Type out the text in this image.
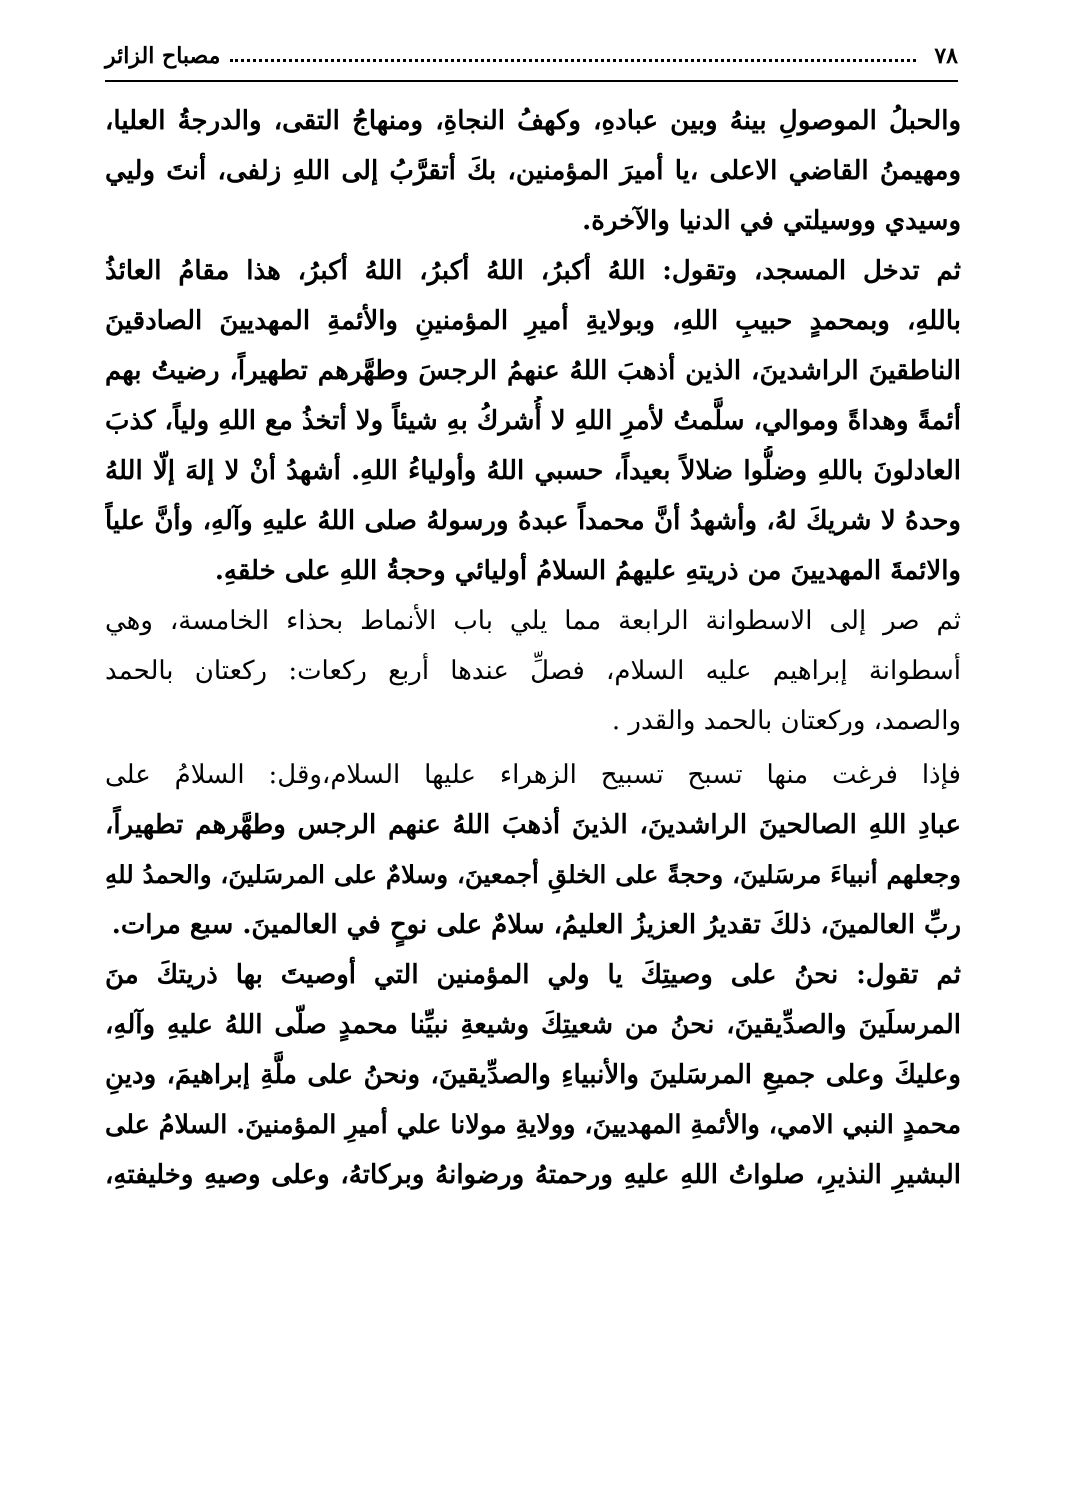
٧٨
مصباح الزائر
والحبلُ الموصولِ بينهُ وبين عبادهِ، وكهفُ النجاةِ، ومنهاجُ التقى، والدرجةُ العليا،
ومهيمنُ القاضي الاعلى ،يا أميرَ المؤمنين، بكَ أتقرَّبُ إلى اللهِ زلفى، أنتَ وليي
وسيدي ووسيلتي في الدنيا والآخرة.
ثم تدخل المسجد، وتقول: اللهُ أكبرُ، اللهُ أكبرُ، اللهُ أكبرُ، هذا مقامُ العائذُ
باللهِ، وبمحمدٍ حبيبِ اللهِ، وبولايةِ أميرِ المؤمنينِ والأئمةِ المهديينَ الصادقينَ
الناطقينَ الراشدينَ، الذين أذهبَ اللهُ عنهمُ الرجسَ وطهَّرهم تطهيراً، رضيتُ بهم
أئمةً وهداةً وموالي، سلَّمتُ لأمرِ اللهِ لا أُشركُ بهِ شيئاً ولا أتخذُ مع اللهِ ولياً، كذبَ
العادلونَ باللهِ وضلُّوا ضلالاً بعيداً، حسبي اللهُ وأولياءُ اللهِ. أشهدُ أنْ لا إلهَ إلّا اللهُ
وحدهُ لا شريكَ لهُ، وأشهدُ أنَّ محمداً عبدهُ ورسولهُ صلى اللهُ عليهِ وآلهِ، وأنَّ علياً
والائمةَ المهديينَ من ذريتهِ عليهمُ السلامُ أوليائي وحجةُ اللهِ على خلقهِ.
ثم صر إلى الاسطوانة الرابعة مما يلي باب الأنماط بحذاء الخامسة، وهي
أسطوانة إبراهيم عليه السلام، فصلِّ عندها أربع ركعات: ركعتان بالحمد
والصمد، وركعتان بالحمد والقدر .
فإذا فرغت منها تسبح تسبيح الزهراء عليها السلام،وقل: السلامُ على
عبادِ اللهِ الصالحينَ الراشدينَ، الذينَ أذهبَ اللهُ عنهم الرجس وطهَّرهم تطهيراً،
وجعلهم أنبياءَ مرسَلينَ، وحجةً على الخلقِ أجمعينَ، وسلامٌ على المرسَلينَ، والحمدُ للهِ
ربِّ العالمينَ، ذلكَ تقديرُ العزيزُ العليمُ، سلامٌ على نوحٍ في العالمينَ. سبع مرات.
ثم تقول: نحنُ على وصيتِكَ يا ولي المؤمنين التي أوصيتَ بها ذريتكَ منَ
المرسلَينَ والصدِّيقينَ، نحنُ من شعيتِكَ وشيعةِ نبيِّنا محمدٍ صلّى اللهُ عليهِ وآلهِ،
وعليكَ وعلى جميعِ المرسَلينَ والأنبياءِ والصدِّيقينَ، ونحنُ على ملَّةِ إبراهيمَ، ودينِ
محمدٍ النبي الامي، والأئمةِ المهديينَ، وولايةِ مولانا علي أميرِ المؤمنينَ. السلامُ على
البشيرِ النذيرِ، صلواتُ اللهِ عليهِ ورحمتهُ ورضوانهُ وبركاتهُ، وعلى وصيهِ وخليفتهِ،
